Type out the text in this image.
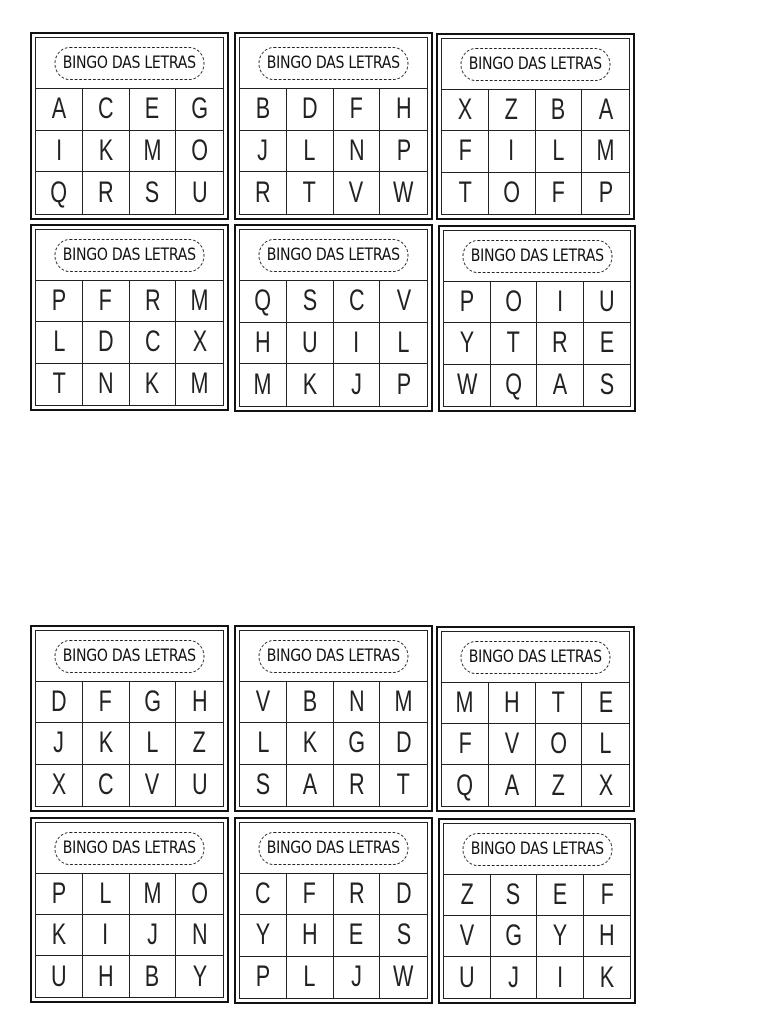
BINGO DAS LETRAS
A C E G
I K M O
Q R S U
BINGO DAS LETRAS
B D F H
J L N P
R T V W
BINGO DAS LETRAS
X Z B A
F I L M
T O F P
BINGO DAS LETRAS
P F R M
L D C X
T N K M
BINGO DAS LETRAS
Q S C V
H U I L
M K J P
BINGO DAS LETRAS
P O I U
Y T R E
W Q A S
BINGO DAS LETRAS
D F G H
J K L Z
X C V U
BINGO DAS LETRAS
V B N M
L K G D
S A R T
BINGO DAS LETRAS
M H T E
F V O L
Q A Z X
BINGO DAS LETRAS
P L M O
K I J N
U H B Y
BINGO DAS LETRAS
C F R D
Y H E S
P L J W
BINGO DAS LETRAS
Z S E F
V G Y H
U J I K
